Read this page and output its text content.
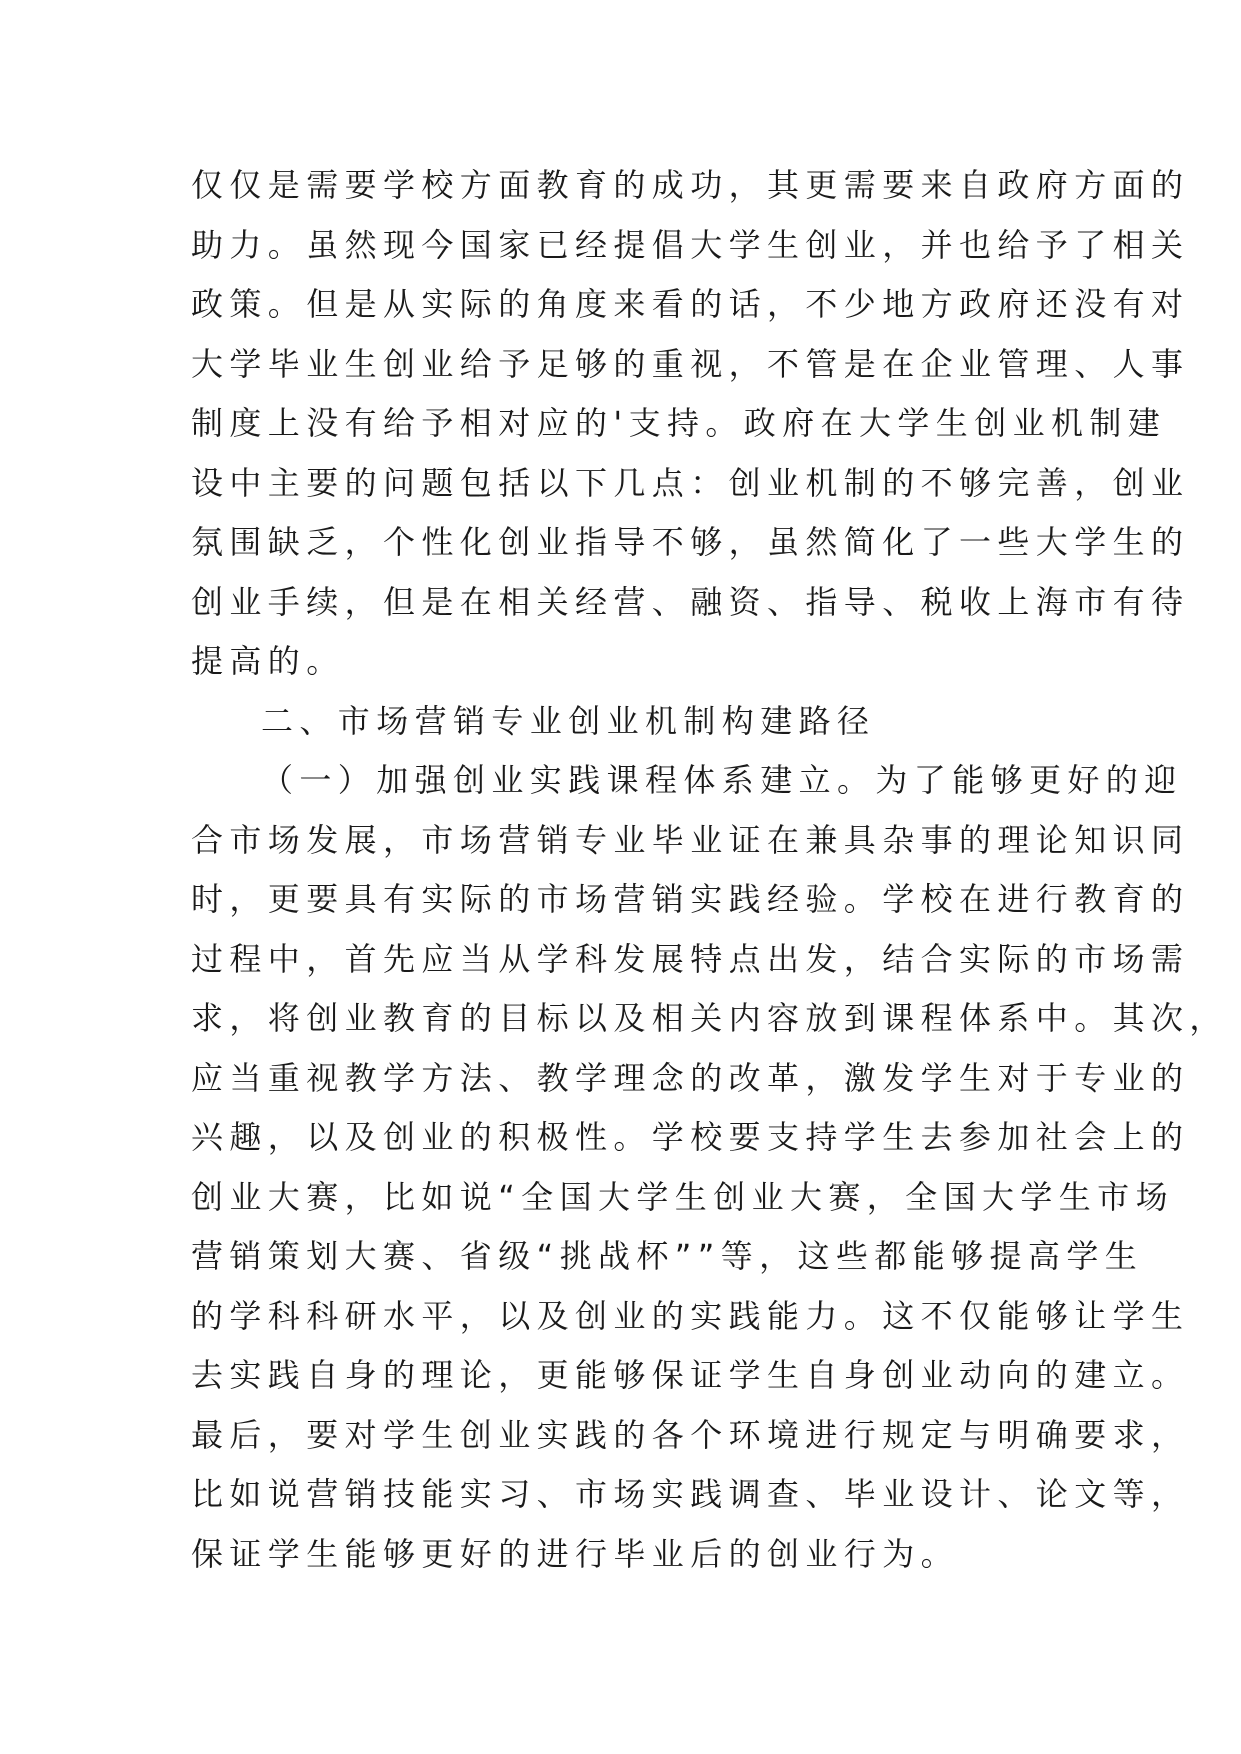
仅仅是需要学校方面教育的成功，其更需要来自政府方面的
助力。虽然现今国家已经提倡大学生创业，并也给予了相关
政策。但是从实际的角度来看的话，不少地方政府还没有对
大学毕业生创业给予足够的重视，不管是在企业管理、人事
制度上没有给予相对应的'支持。政府在大学生创业机制建
设中主要的问题包括以下几点：创业机制的不够完善，创业
氛围缺乏，个性化创业指导不够，虽然简化了一些大学生的
创业手续，但是在相关经营、融资、指导、税收上海市有待
提高的。
二、市场营销专业创业机制构建路径
（一）加强创业实践课程体系建立。为了能够更好的迎
合市场发展，市场营销专业毕业证在兼具杂事的理论知识同
时，更要具有实际的市场营销实践经验。学校在进行教育的
过程中，首先应当从学科发展特点出发，结合实际的市场需
求，将创业教育的目标以及相关内容放到课程体系中。其次，
应当重视教学方法、教学理念的改革，激发学生对于专业的
兴趣，以及创业的积极性。学校要支持学生去参加社会上的
创业大赛，比如说“全国大学生创业大赛，全国大学生市场
营销策划大赛、省级“挑战杯””等，这些都能够提高学生
的学科科研水平，以及创业的实践能力。这不仅能够让学生
去实践自身的理论，更能够保证学生自身创业动向的建立。
最后，要对学生创业实践的各个环境进行规定与明确要求，
比如说营销技能实习、市场实践调查、毕业设计、论文等，
保证学生能够更好的进行毕业后的创业行为。
